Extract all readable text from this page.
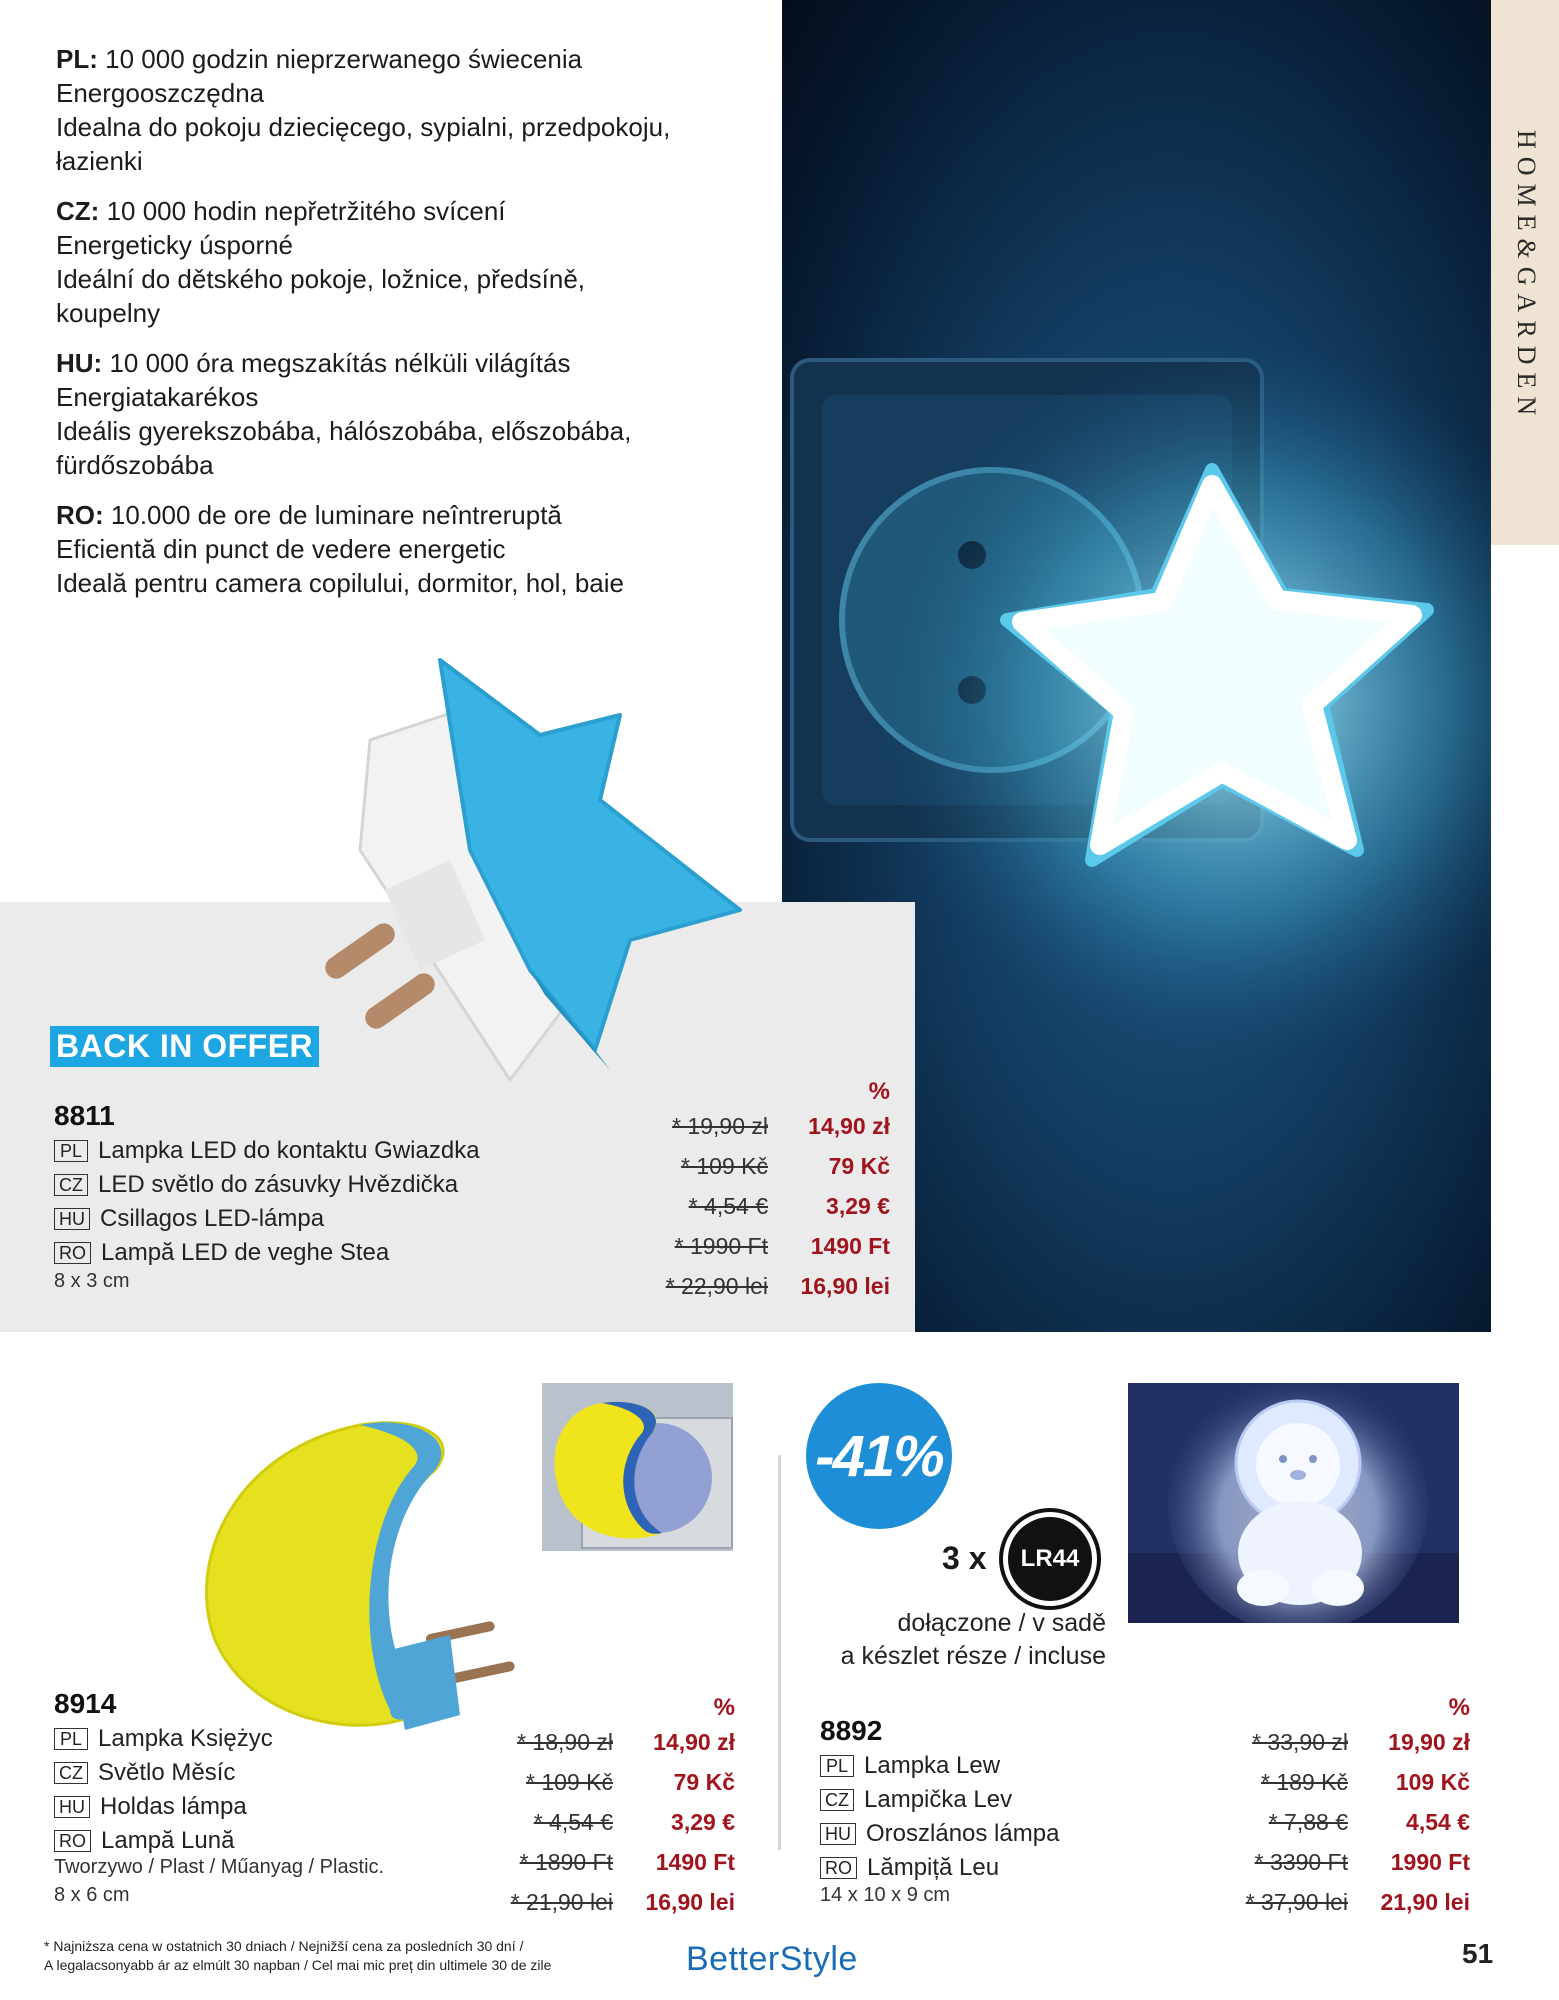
PL: 10 000 godzin nieprzerwanego świecenia
Energooszczędna
Idealna do pokoju dziecięcego, sypialni, przedpokoju, łazienki
CZ: 10 000 hodin nepřetržitého svícení
Energeticky úsporné
Ideální do dětského pokoje, ložnice, předsíně, koupelny
HU: 10 000 óra megszakítás nélküli világítás
Energiatakarékos
Ideális gyerekszobába, hálószobába, előszobába, fürdőszobába
RO: 10.000 de ore de luminare neîntreruptă
Eficientă din punct de vedere energetic
Ideală pentru camera copilului, dormitor, hol, baie
HOME&GARDEN
BACK IN OFFER
8811
PL Lampka LED do kontaktu Gwiazdka
CZ LED světlo do zásuvky Hvězdička
HU Csillagos LED-lámpa
RO Lampă LED de veghe Stea
8 x 3 cm
%
* 19,90 zł	14,90 zł
* 109 Kč	79 Kč
* 4,54 €	3,29 €
* 1990 Ft	1490 Ft
* 22,90 lei	16,90 lei
8914
PL Lampka Księżyc
CZ Světlo Měsíc
HU Holdas lámpa
RO Lampă Lună
Tworzywo / Plast / Műanyag / Plastic.
8 x 6 cm
%
* 18,90 zł	14,90 zł
* 109 Kč	79 Kč
* 4,54 €	3,29 €
* 1890 Ft	1490 Ft
* 21,90 lei	16,90 lei
-41%
3 x LR44
dołączone / v sadě
a készlet része / incluse
8892
PL Lampka Lew
CZ Lampička Lev
HU Oroszlános lámpa
RO Lămpiță Leu
14 x 10 x 9 cm
%
* 33,90 zł	19,90 zł
* 189 Kč	109 Kč
* 7,88 €	4,54 €
* 3390 Ft	1990 Ft
* 37,90 lei	21,90 lei
* Najniższa cena w ostatnich 30 dniach / Nejnižší cena za posledních 30 dní /
A legalacsonyabb ár az elmúlt 30 napban / Cel mai mic preț din ultimele 30 de zile	BetterStyle	51
